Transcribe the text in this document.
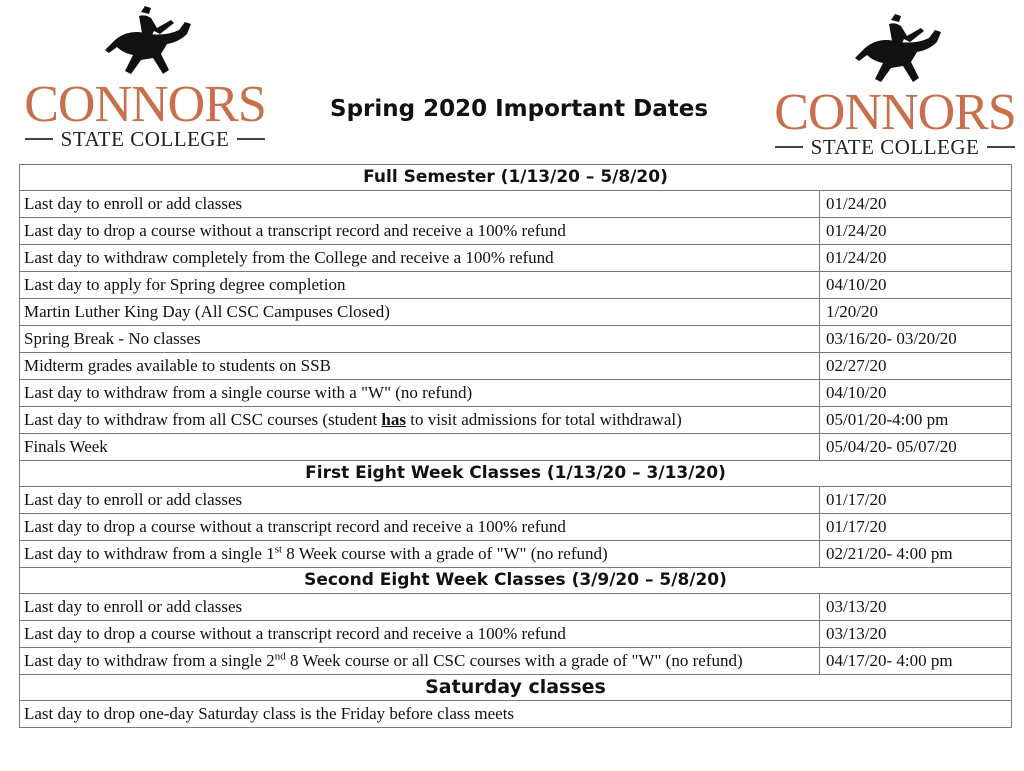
CONNORS
STATE COLLEGE	CONNORS
STATE COLLEGE
Spring 2020 Important Dates
Full Semester (1/13/20 – 5/8/20)	
Last day to enroll or add classes	01/24/20
Last day to drop a course without a transcript record and receive a 100% refund	01/24/20
Last day to withdraw completely from the College and receive a 100% refund	01/24/20
Last day to apply for Spring degree completion	04/10/20
Martin Luther King Day (All CSC Campuses Closed)	1/20/20
Spring Break - No classes	03/16/20- 03/20/20
Midterm grades available to students on SSB	02/27/20
Last day to withdraw from a single course with a "W" (no refund)	04/10/20
Last day to withdraw from all CSC courses (student has to visit admissions for total withdrawal)	05/01/20-4:00 pm
Finals Week	05/04/20- 05/07/20
First Eight Week Classes (1/13/20 – 3/13/20)	
Last day to enroll or add classes	01/17/20
Last day to drop a course without a transcript record and receive a 100% refund	01/17/20
Last day to withdraw from a single 1st 8 Week course with a grade of "W" (no refund)	02/21/20- 4:00 pm
Second Eight Week Classes (3/9/20 – 5/8/20)	
Last day to enroll or add classes	03/13/20
Last day to drop a course without a transcript record and receive a 100% refund	03/13/20
Last day to withdraw from a single 2nd 8 Week course or all CSC courses with a grade of "W" (no refund)	04/17/20- 4:00 pm
Saturday classes	
Last day to drop one-day Saturday class is the Friday before class meets	
